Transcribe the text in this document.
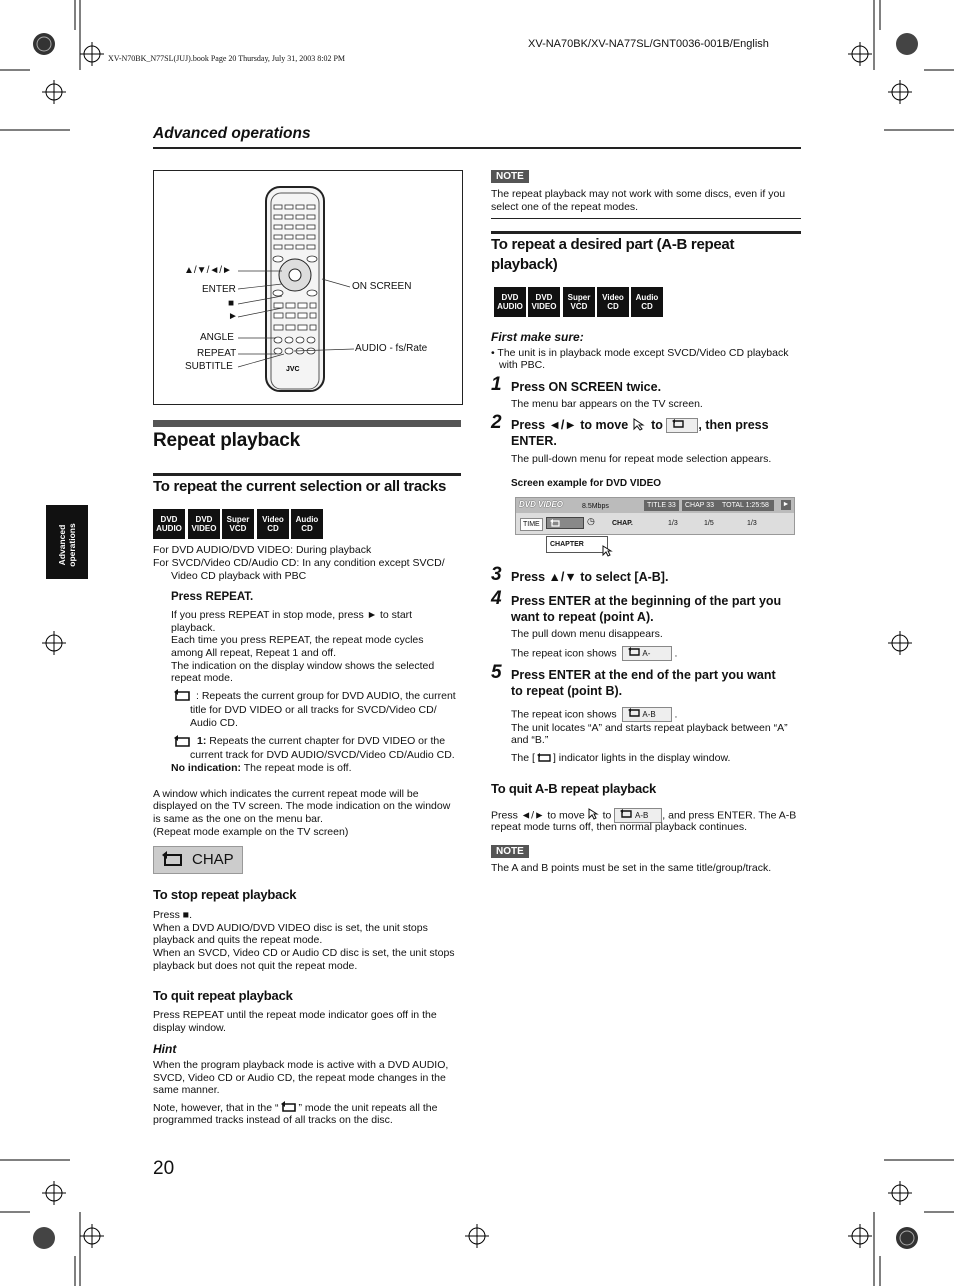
XV-N70BK_N77SL(JUJ).book Page 20 Thursday, July 31, 2003 8:02 PM
XV-NA70BK/XV-NA77SL/GNT0036-001B/English
Advanced operations
Advanced operations
JVC
▲/▼/◄/►
ENTER
■
►
ANGLE
REPEAT
SUBTITLE
ON SCREEN
AUDIO - fs/Rate
Repeat playback
To repeat the current selection or all tracks
DVD
AUDIO
DVD
VIDEO
Super
VCD
Video
CD
Audio
CD
For DVD AUDIO/DVD VIDEO: During playback
For SVCD/Video CD/Audio CD: In any condition except SVCD/
Video CD playback with PBC
Press REPEAT.
If you press REPEAT in stop mode, press ► to start
playback.
Each time you press REPEAT, the repeat mode cycles
among All repeat, Repeat 1 and off.
The indication on the display window shows the selected
repeat mode.
: Repeats the current group for DVD AUDIO, the current
title for DVD VIDEO or all tracks for SVCD/Video CD/
Audio CD.
1: Repeats the current chapter for DVD VIDEO or the
current track for DVD AUDIO/SVCD/Video CD/Audio CD.
No indication: The repeat mode is off.
A window which indicates the current repeat mode will be
displayed on the TV screen. The mode indication on the window
is same as the one on the menu bar.
(Repeat mode example on the TV screen)
CHAP
To stop repeat playback
Press ■.
When a DVD AUDIO/DVD VIDEO disc is set, the unit stops
playback and quits the repeat mode.
When an SVCD, Video CD or Audio CD disc is set, the unit stops
playback but does not quit the repeat mode.
To quit repeat playback
Press REPEAT until the repeat mode indicator goes off in the
display window.
Hint
When the program playback mode is active with a DVD AUDIO,
SVCD, Video CD or Audio CD, the repeat mode changes in the
same manner.
Note, however, that in the “ ” mode the unit repeats all the
programmed tracks instead of all tracks on the disc.
NOTE
The repeat playback may not work with some discs, even if you
select one of the repeat modes.
To repeat a desired part (A-B repeat
playback)
DVD
AUDIO
DVD
VIDEO
Super
VCD
Video
CD
Audio
CD
First make sure:
• The unit is in playback mode except SVCD/Video CD playback
with PBC.
1 Press ON SCREEN twice.
The menu bar appears on the TV screen.
2 Press ◄/► to move to	, then press
ENTER.
The pull-down menu for repeat mode selection appears.
Screen example for DVD VIDEO
DVD VIDEO	8.5Mbps	TITLE 33	CHAP 33	TOTAL 1:25:58	►
TIME	◷ CHAP.	1/3	1/5	1/3
CHAPTER
3 Press ▲/▼ to select [A-B].
4 Press ENTER at the beginning of the part you
want to repeat (point A).
The pull down menu disappears.
The repeat icon shows	A- .
5 Press ENTER at the end of the part you want
to repeat (point B).
The repeat icon shows	A-B .
The unit locates “A” and starts repeat playback between “A”
and “B.”
The [ ] indicator lights in the display window.
To quit A-B repeat playback
Press ◄/► to move to	A-B , and press ENTER. The A-B
repeat mode turns off, then normal playback continues.
NOTE
The A and B points must be set in the same title/group/track.
20
